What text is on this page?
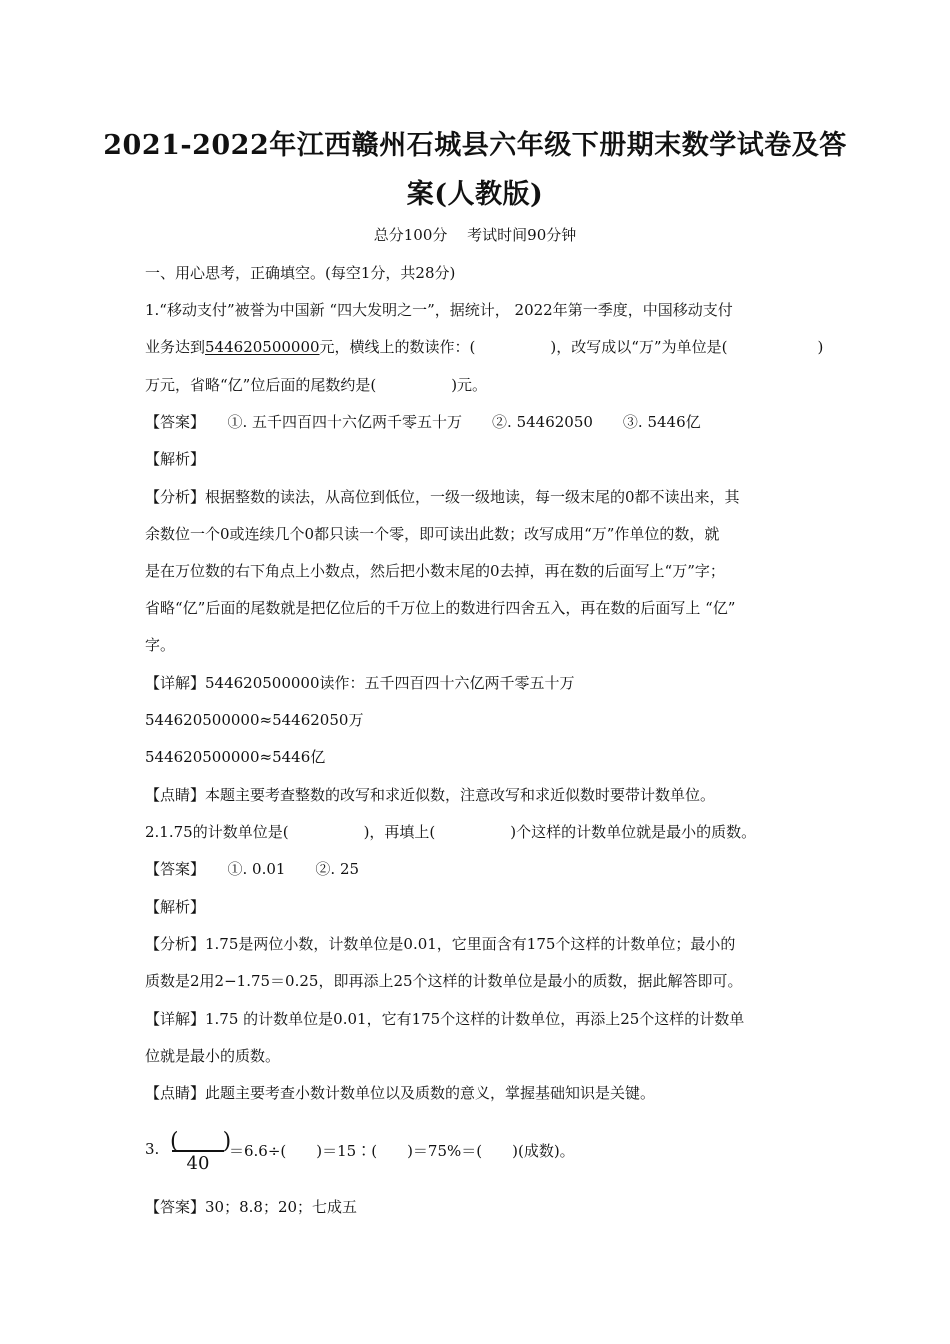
2021-2022年江西赣州石城县六年级下册期末数学试卷及答
案(人教版)
总分100分　 考试时间90分钟
一、用心思考，正确填空。(每空1分，共28分)
1.“移动支付”被誉为中国新 “四大发明之一”，据统计， 2022年第一季度，中国移动支付
业务达到544620500000元，横线上的数读作：(　　　　　)，改写成以“万”为单位是(　　　　　　)
万元，省略“亿”位后面的尾数约是(　　　　　)元。
【答案】　　①. 五千四百四十六亿两千零五十万　　②. 54462050　　③. 5446亿
【解析】
【分析】根据整数的读法，从高位到低位，一级一级地读，每一级末尾的0都不读出来，其
余数位一个0或连续几个0都只读一个零，即可读出此数；改写成用“万”作单位的数，就
是在万位数的右下角点上小数点，然后把小数末尾的0去掉，再在数的后面写上“万”字；
省略“亿”后面的尾数就是把亿位后的千万位上的数进行四舍五入，再在数的后面写上 “亿”
字。
【详解】544620500000读作：五千四百四十六亿两千零五十万
544620500000≈54462050万
544620500000≈5446亿
【点睛】本题主要考查整数的改写和求近似数，注意改写和求近似数时要带计数单位。
2.1.75的计数单位是(　　　　　)，再填上(　　　　　)个这样的计数单位就是最小的质数。
【答案】　　①. 0.01　　②. 25
【解析】
【分析】1.75是两位小数，计数单位是0.01，它里面含有175个这样的计数单位；最小的
质数是2用2−1.75＝0.25，即再添上25个这样的计数单位是最小的质数，据此解答即可。
【详解】1.75 的计数单位是0.01，它有175个这样的计数单位，再添上25个这样的计数单
位就是最小的质数。
【点睛】此题主要考查小数计数单位以及质数的意义，掌握基础知识是关键。
3. (　　)
40
＝6.6÷(　　)＝15∶(　　)＝75%＝(　　)(成数)。
【答案】30；8.8；20；七成五
